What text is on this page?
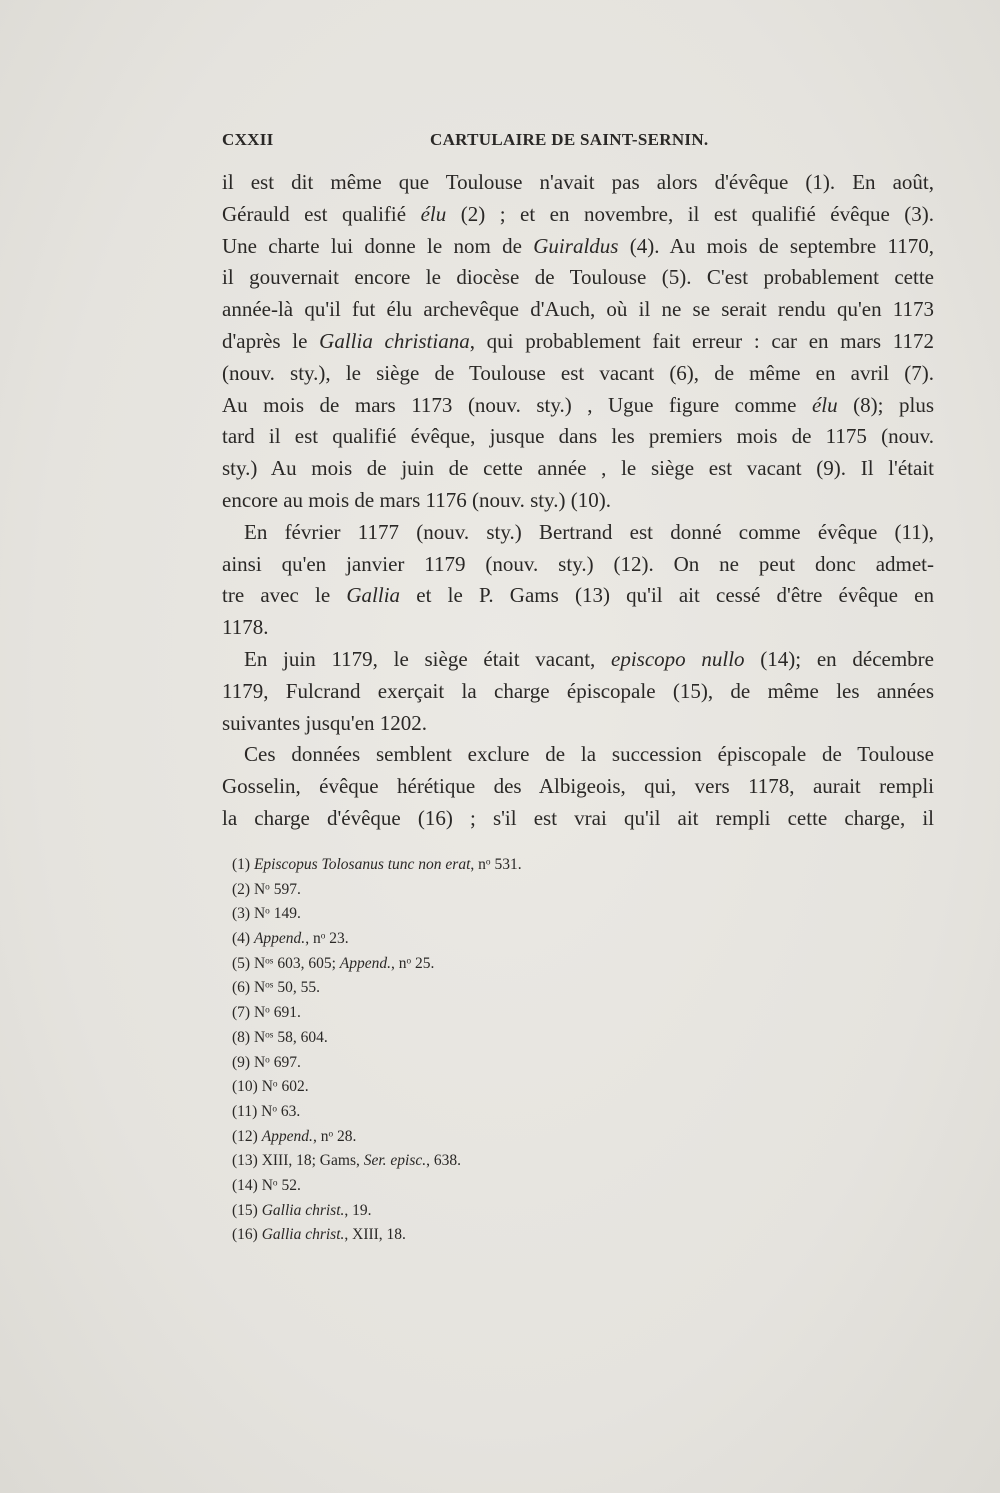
CXXII	CARTULAIRE DE SAINT-SERNIN.
il est dit même que Toulouse n'avait pas alors d'évêque (1). En août,
Gérauld est qualifié élu (2) ; et en novembre, il est qualifié évêque (3).
Une charte lui donne le nom de Guiraldus (4). Au mois de septembre 1170,
il gouvernait encore le diocèse de Toulouse (5). C'est probablement cette
année-là qu'il fut élu archevêque d'Auch, où il ne se serait rendu qu'en 1173
d'après le Gallia christiana, qui probablement fait erreur : car en mars 1172
(nouv. sty.), le siège de Toulouse est vacant (6), de même en avril (7).
Au mois de mars 1173 (nouv. sty.) , Ugue figure comme élu (8); plus
tard il est qualifié évêque, jusque dans les premiers mois de 1175 (nouv.
sty.) Au mois de juin de cette année , le siège est vacant (9). Il l'était
encore au mois de mars 1176 (nouv. sty.) (10).
En février 1177 (nouv. sty.) Bertrand est donné comme évêque (11),
ainsi qu'en janvier 1179 (nouv. sty.) (12). On ne peut donc admet-
tre avec le Gallia et le P. Gams (13) qu'il ait cessé d'être évêque en
1178.
En juin 1179, le siège était vacant, episcopo nullo (14); en décembre
1179, Fulcrand exerçait la charge épiscopale (15), de même les années
suivantes jusqu'en 1202.
Ces données semblent exclure de la succession épiscopale de Toulouse
Gosselin, évêque hérétique des Albigeois, qui, vers 1178, aurait rempli
la charge d'évêque (16) ; s'il est vrai qu'il ait rempli cette charge, il
(1) Episcopus Tolosanus tunc non erat, $n^o$ 531.
(2) $N^o$ 597.
(3) $N^o$ 149.
(4) Append., $n^o$ 23.
(5) $N^{os}$ 603, 605; Append., $n^o$ 25.
(6) $N^{os}$ 50, 55.
(7) $N^o$ 691.
(8) $N^{os}$ 58, 604.
(9) $N^o$ 697.
(10) $N^o$ 602.
(11) $N^o$ 63.
(12) Append., $n^o$ 28.
(13) XIII, 18; Gams, Ser. episc., 638.
(14) $N^o$ 52.
(15) Gallia christ., 19.
(16) Gallia christ., XIII, 18.
